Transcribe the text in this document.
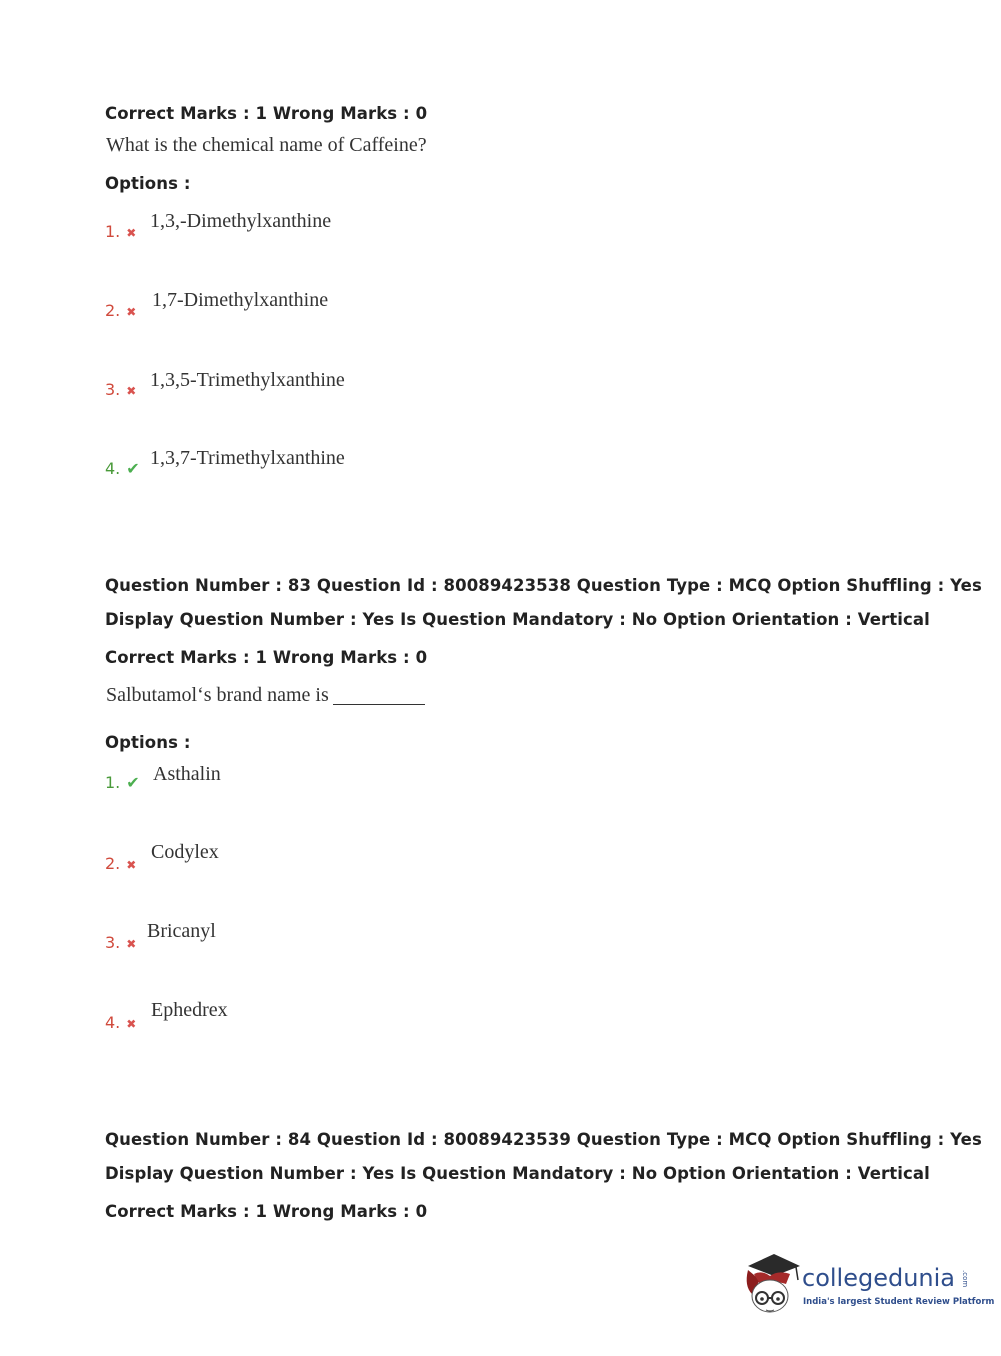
Correct Marks : 1 Wrong Marks : 0
What is the chemical name of Caffeine?
Options :
1. ✖
1,3,-Dimethylxanthine
2. ✖
1,7-Dimethylxanthine
3. ✖ 1,3,5-Trimethylxanthine
4. ✔ 1,3,7-Trimethylxanthine
Question Number : 83 Question Id : 80089423538 Question Type : MCQ Option Shuffling : Yes
Display Question Number : Yes Is Question Mandatory : No Option Orientation : Vertical
Correct Marks : 1 Wrong Marks : 0
Salbutamol‘s brand name is
Options :
1. ✔ Asthalin
2. ✖
Codylex
3. ✖
Bricanyl
4. ✖
Ephedrex
Question Number : 84 Question Id : 80089423539 Question Type : MCQ Option Shuffling : Yes
Display Question Number : Yes Is Question Mandatory : No Option Orientation : Vertical
Correct Marks : 1 Wrong Marks : 0
collegedunia .com
India's largest Student Review Platform
